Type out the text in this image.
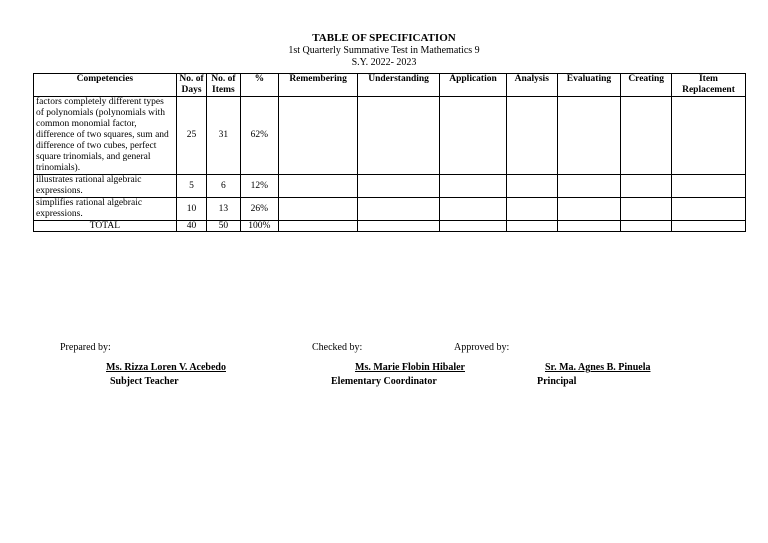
TABLE OF SPECIFICATION
1st Quarterly Summative Test in Mathematics 9
S.Y. 2022- 2023
Competencies	No. of Days	No. of Items	%	Remembering	Understanding	Application	Analysis	Evaluating	Creating	Item Replacement
factors completely different types of polynomials (polynomials with common monomial factor, difference of two squares, sum and difference of two cubes, perfect square trinomials, and general trinomials).	25	31	62%							
illustrates rational algebraic expressions.	5	6	12%							
simplifies rational algebraic expressions.	10	13	26%							
TOTAL	40	50	100%							
Prepared by:	Checked by:	Approved by:
Ms. Rizza Loren V. Acebedo
Subject Teacher
Ms. Marie Flobin Hibaler
Elementary Coordinator
Sr. Ma. Agnes B. Pinuela
Principal
